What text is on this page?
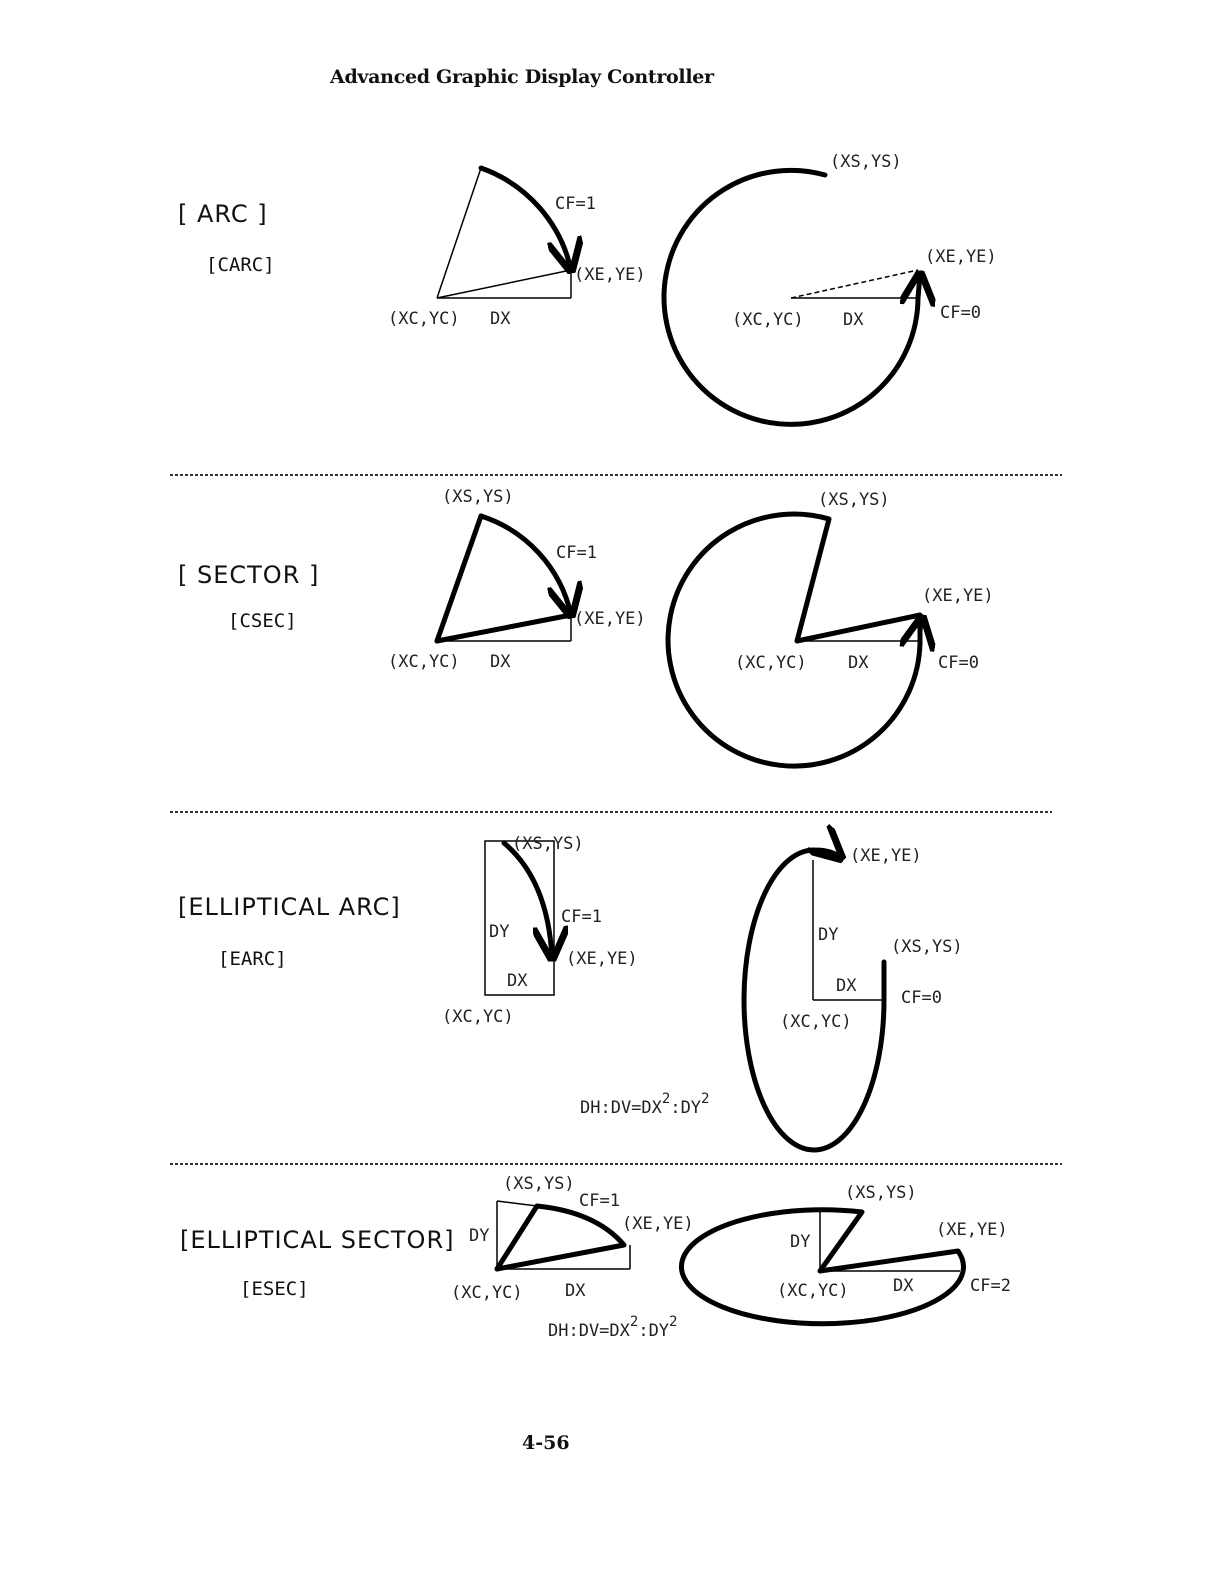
Advanced Graphic Display Controller
[ ARC ]
[CARC]
[ SECTOR ]
[CSEC]
[ELLIPTICAL ARC]
[EARC]
[ELLIPTICAL SECTOR]
[ESEC]
CF=1
(XE,YE)
(XC,YC) DX
(XS,YS)
(XE,YE)
(XC,YC) DX	CF=0
(XS,YS)
CF=1
(XE,YE)
(XC,YC) DX
(XS,YS)
(XE,YE)
(XC,YC) DX	CF=0
(XS,YS)
DY
CF=1
(XE,YE)
DX
(XC,YC)
(XE,YE)
DY
(XS,YS)
DX
CF=0
(XC,YC)
$DH:DV=DX^2:DY^2$
(XS,YS)
CF=1
(XE,YE)
DY
(XC,YC) DX
$DH:DV=DX^2:DY^2$
(XS,YS)
DY
(XE,YE)
(XC,YC)	DX	CF=2
4-56
